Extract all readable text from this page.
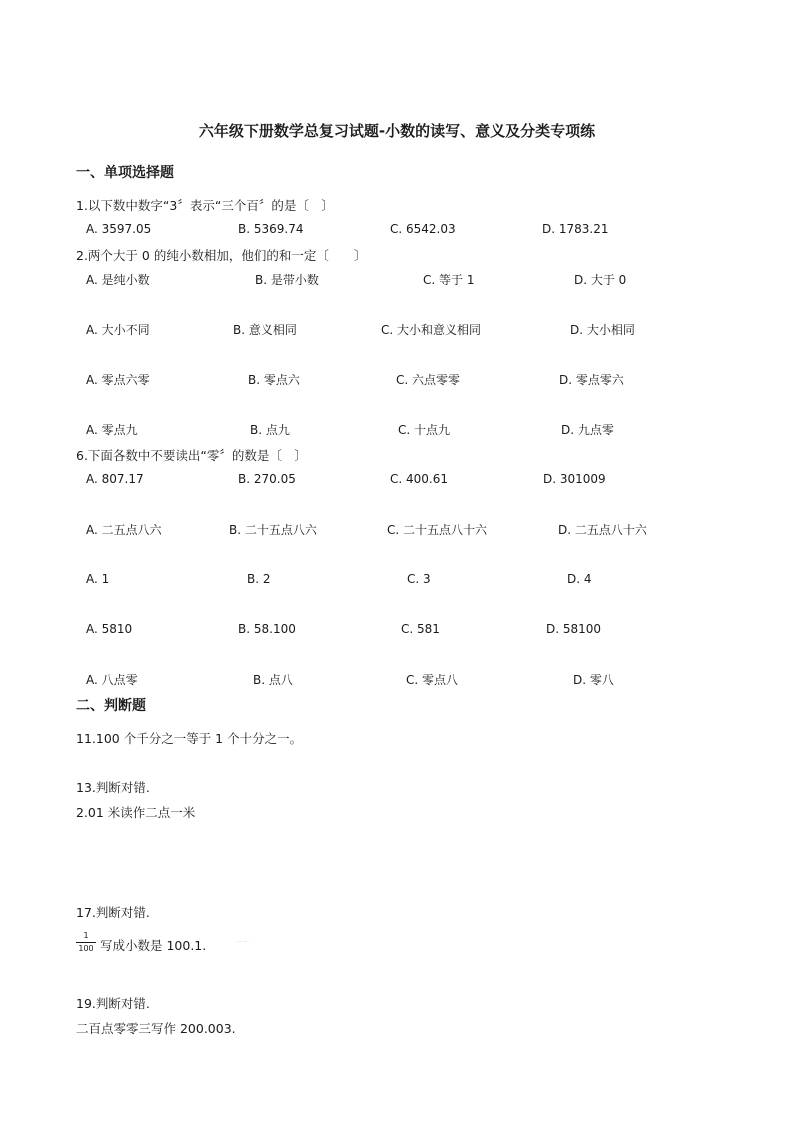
六年级下册数学总复习试题-小数的读写、意义及分类专项练
一、单项选择题
1.以下数中数字“3〞表示“三个百〞的是〔　〕
A. 3597.05	B. 5369.74	C. 6542.03	D. 1783.21
2.两个大于 0 的纯小数相加，他们的和一定〔　　〕
A. 是纯小数	B. 是带小数	C. 等于 1	D. 大于 0
A. 大小不同	B. 意义相同	C. 大小和意义相同	D. 大小相同
A. 零点六零	B. 零点六	C. 六点零零	D. 零点零六
A. 零点九	B. 点九	C. 十点九	D. 九点零
6.下面各数中不要读出“零〞的数是〔　〕
A. 807.17	B. 270.05	C. 400.61	D. 301009
A. 二五点八六	B. 二十五点八六	C. 二十五点八十六	D. 二五点八十六
A. 1	B. 2	C. 3	D. 4
A. 5810	B. 58.100	C. 581	D. 58100
A. 八点零	B. 点八	C. 零点八	D. 零八
二、判断题
11.100 个千分之一等于 1 个十分之一。
13.判断对错.
2.01 米读作二点一米
17.判断对错.
1
100 写成小数是 100.1.	··········
19.判断对错.
二百点零零三写作 200.003.
